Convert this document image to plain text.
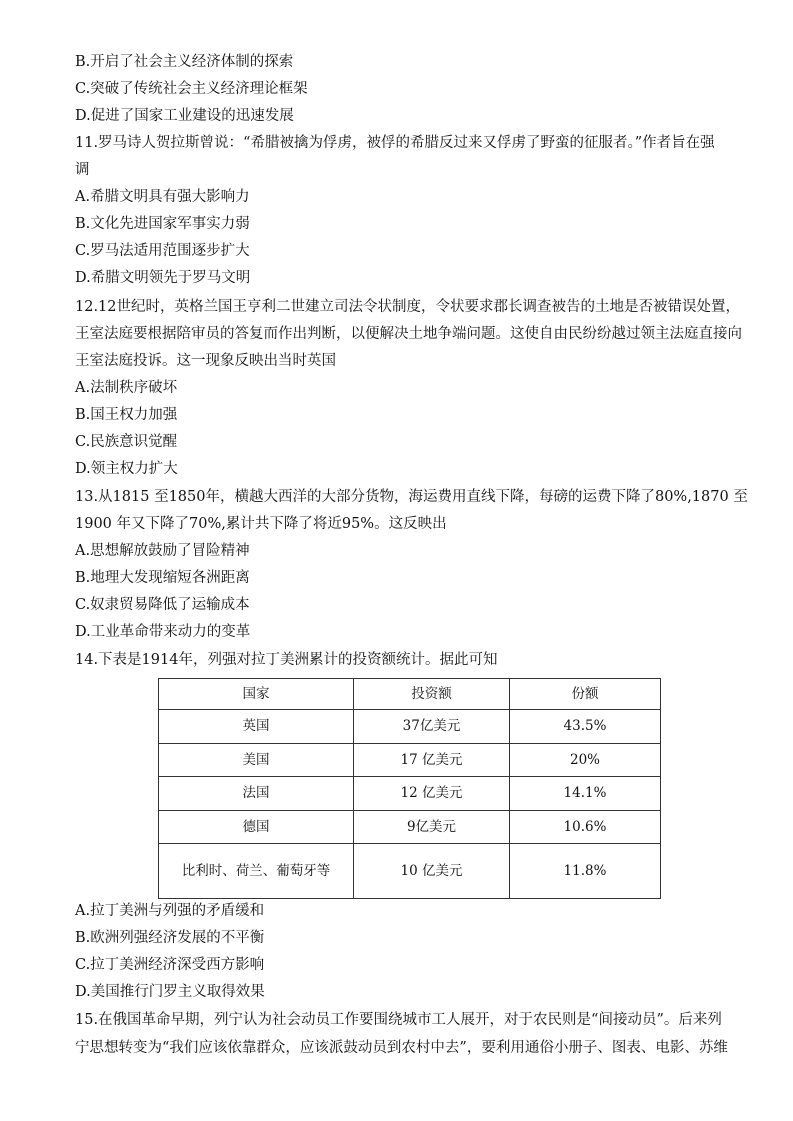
B.开启了社会主义经济体制的探索
C.突破了传统社会主义经济理论框架
D.促进了国家工业建设的迅速发展
11.罗马诗人贺拉斯曾说：“希腊被擒为俘虏，被俘的希腊反过来又俘虏了野蛮的征服者。”作者旨在强
调
A.希腊文明具有强大影响力
B.文化先进国家军事实力弱
C.罗马法适用范围逐步扩大
D.希腊文明领先于罗马文明
12.12世纪时，英格兰国王亨利二世建立司法令状制度，令状要求郡长调查被告的土地是否被错误处置，
王室法庭要根据陪审员的答复而作出判断，以便解决土地争端问题。这使自由民纷纷越过领主法庭直接向
王室法庭投诉。这一现象反映出当时英国
A.法制秩序破坏
B.国王权力加强
C.民族意识觉醒
D.领主权力扩大
13.从1815 至1850年，横越大西洋的大部分货物，海运费用直线下降，每磅的运费下降了80%,1870 至
1900 年又下降了70%,累计共下降了将近95%。这反映出
A.思想解放鼓励了冒险精神
B.地理大发现缩短各洲距离
C.奴隶贸易降低了运输成本
D.工业革命带来动力的变革
14.下表是1914年，列强对拉丁美洲累计的投资额统计。据此可知
国家	投资额	份额
英国	37亿美元	43.5%
美国	17 亿美元	20%
法国	12 亿美元	14.1%
德国	9亿美元	10.6%
比利时、荷兰、葡萄牙等	10 亿美元	11.8%
A.拉丁美洲与列强的矛盾缓和
B.欧洲列强经济发展的不平衡
C.拉丁美洲经济深受西方影响
D.美国推行门罗主义取得效果
15.在俄国革命早期，列宁认为社会动员工作要围绕城市工人展开，对于农民则是“间接动员”。后来列
宁思想转变为“我们应该依靠群众，应该派鼓动员到农村中去”，要利用通俗小册子、图表、电影、苏维
